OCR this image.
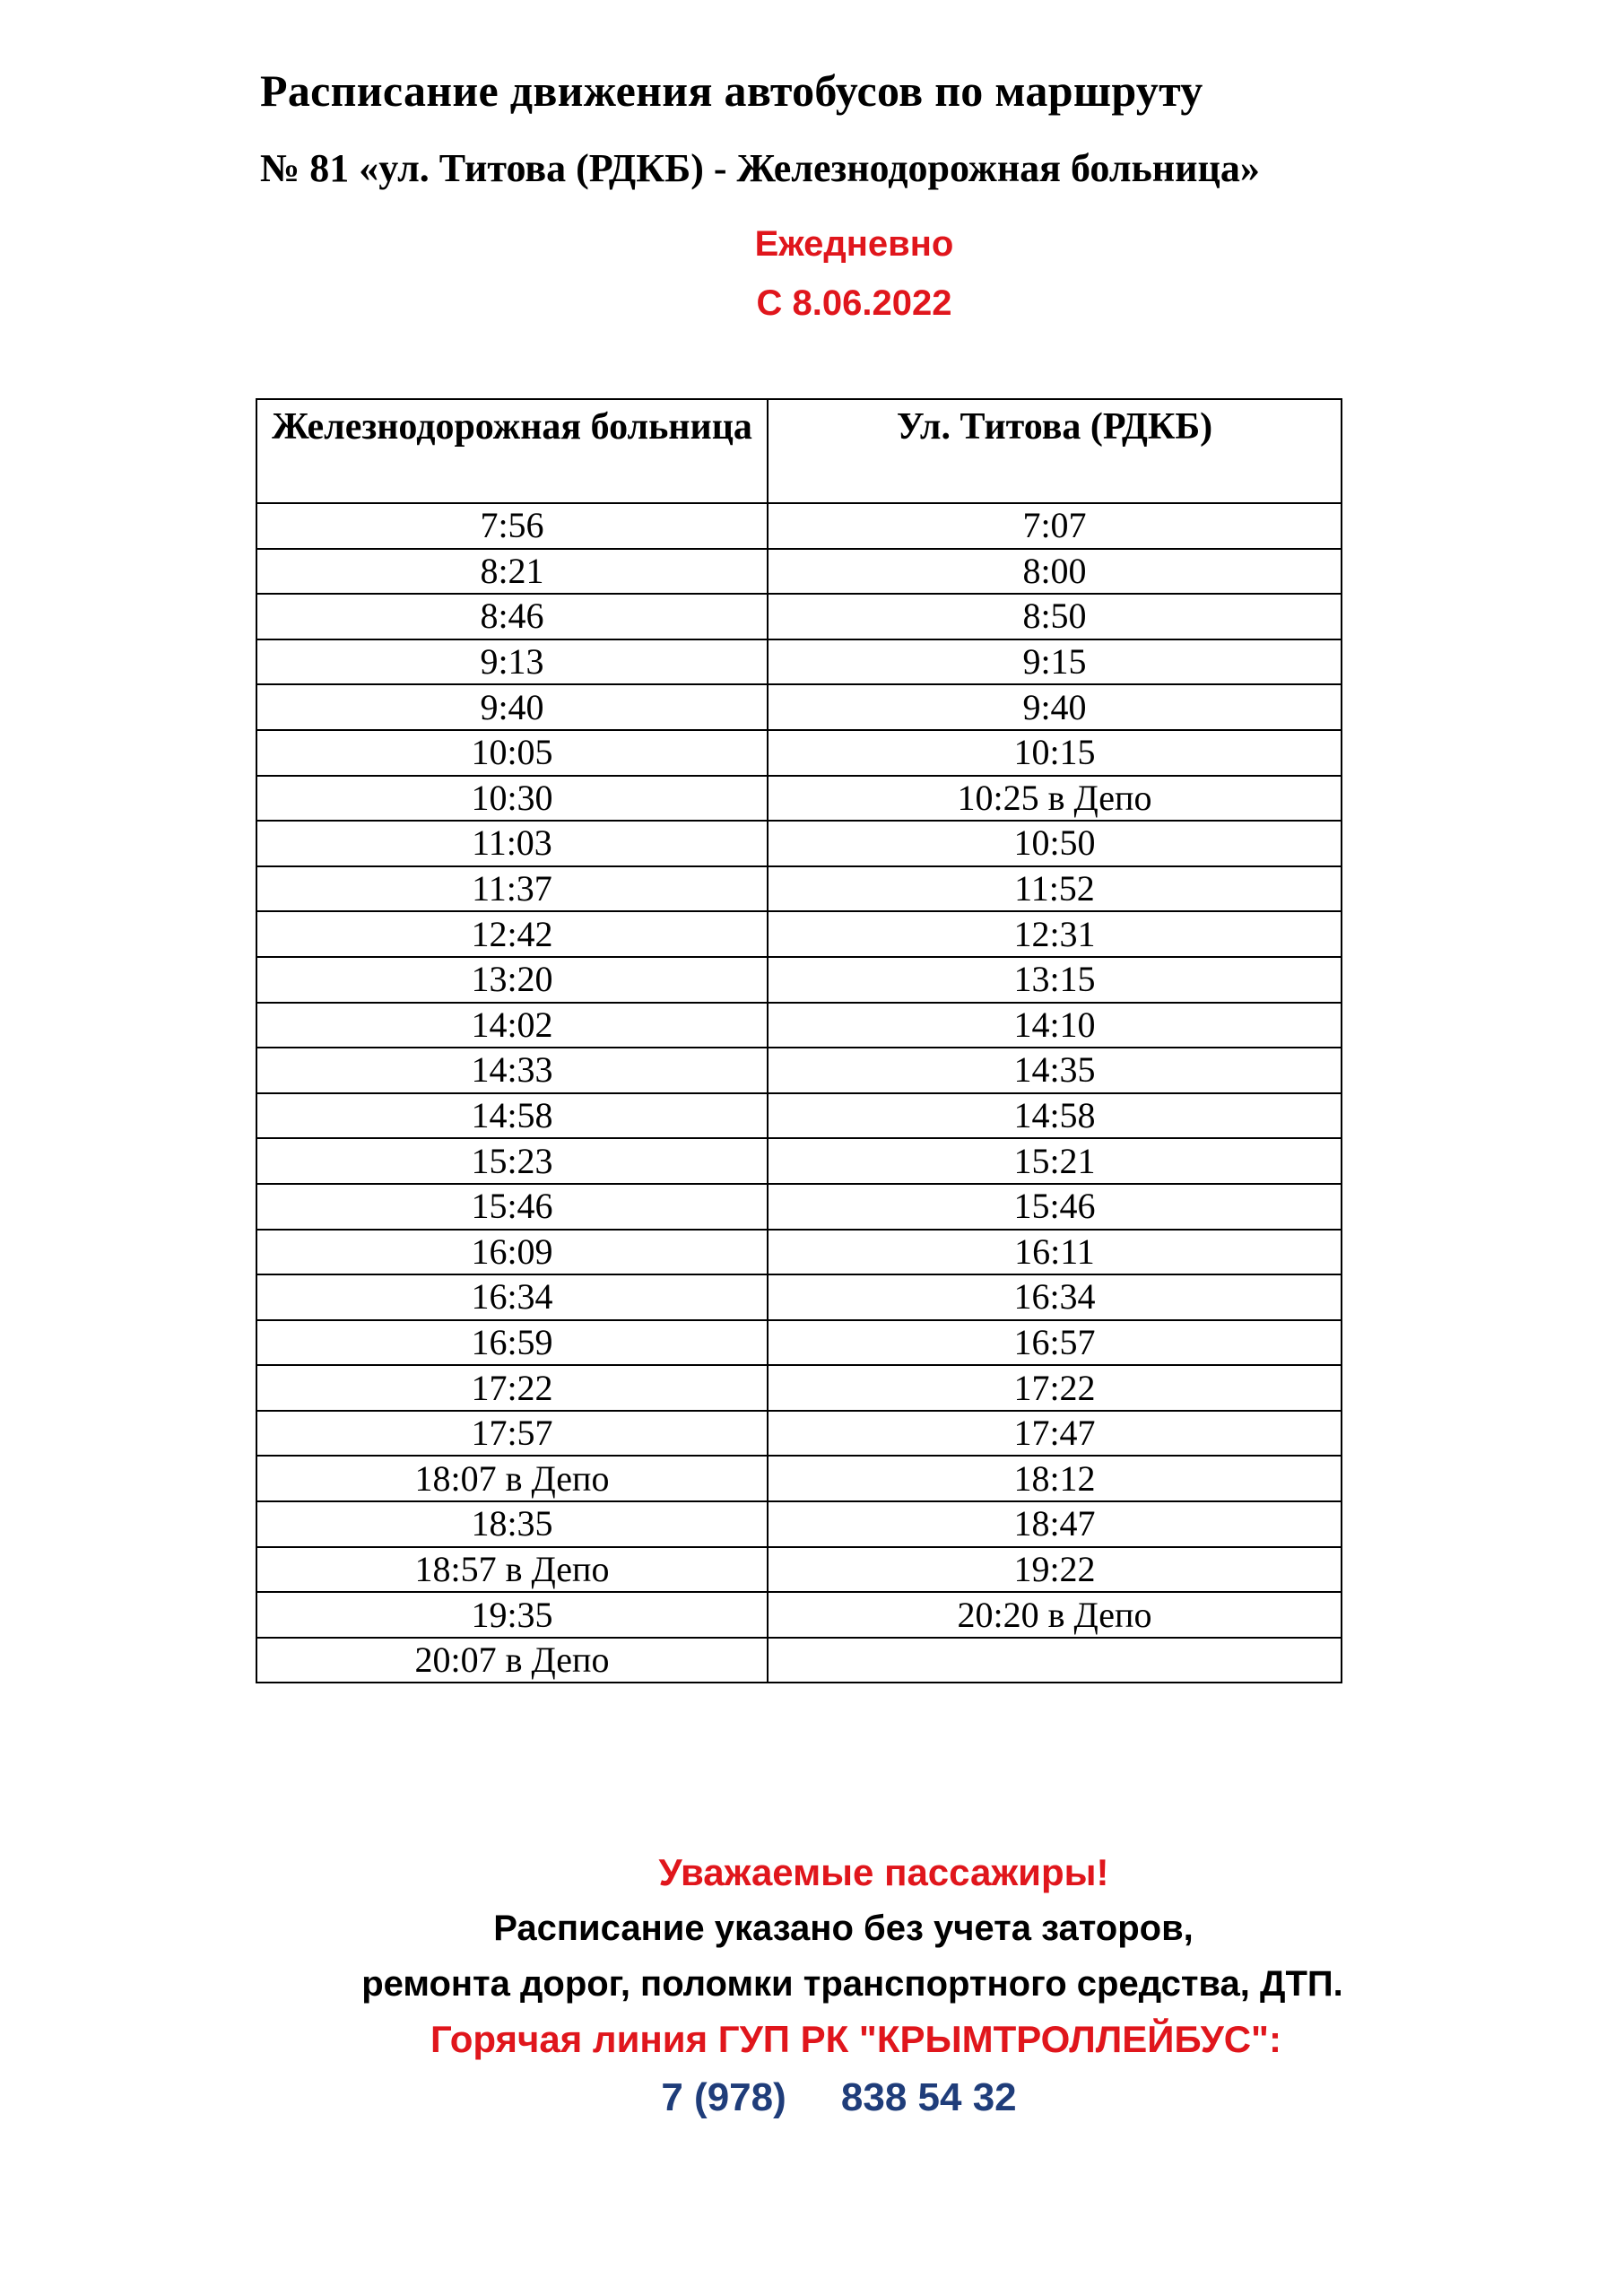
Расписание движения автобусов по маршруту
№ 81 «ул. Титова (РДКБ) - Железнодорожная больница»
Ежедневно
С 8.06.2022
Железнодорожная больница	Ул. Титова (РДКБ)
7:56	7:07
8:21	8:00
8:46	8:50
9:13	9:15
9:40	9:40
10:05	10:15
10:30	10:25 в Депо
11:03	10:50
11:37	11:52
12:42	12:31
13:20	13:15
14:02	14:10
14:33	14:35
14:58	14:58
15:23	15:21
15:46	15:46
16:09	16:11
16:34	16:34
16:59	16:57
17:22	17:22
17:57	17:47
18:07 в Депо	18:12
18:35	18:47
18:57 в Депо	19:22
19:35	20:20 в Депо
20:07 в Депо	
Уважаемые пассажиры!
Расписание указано без учета заторов,
ремонта дорог, поломки транспортного средства, ДТП.
Горячая линия ГУП РК "КРЫМТРОЛЛЕЙБУС":
7 (978) 838 54 32
